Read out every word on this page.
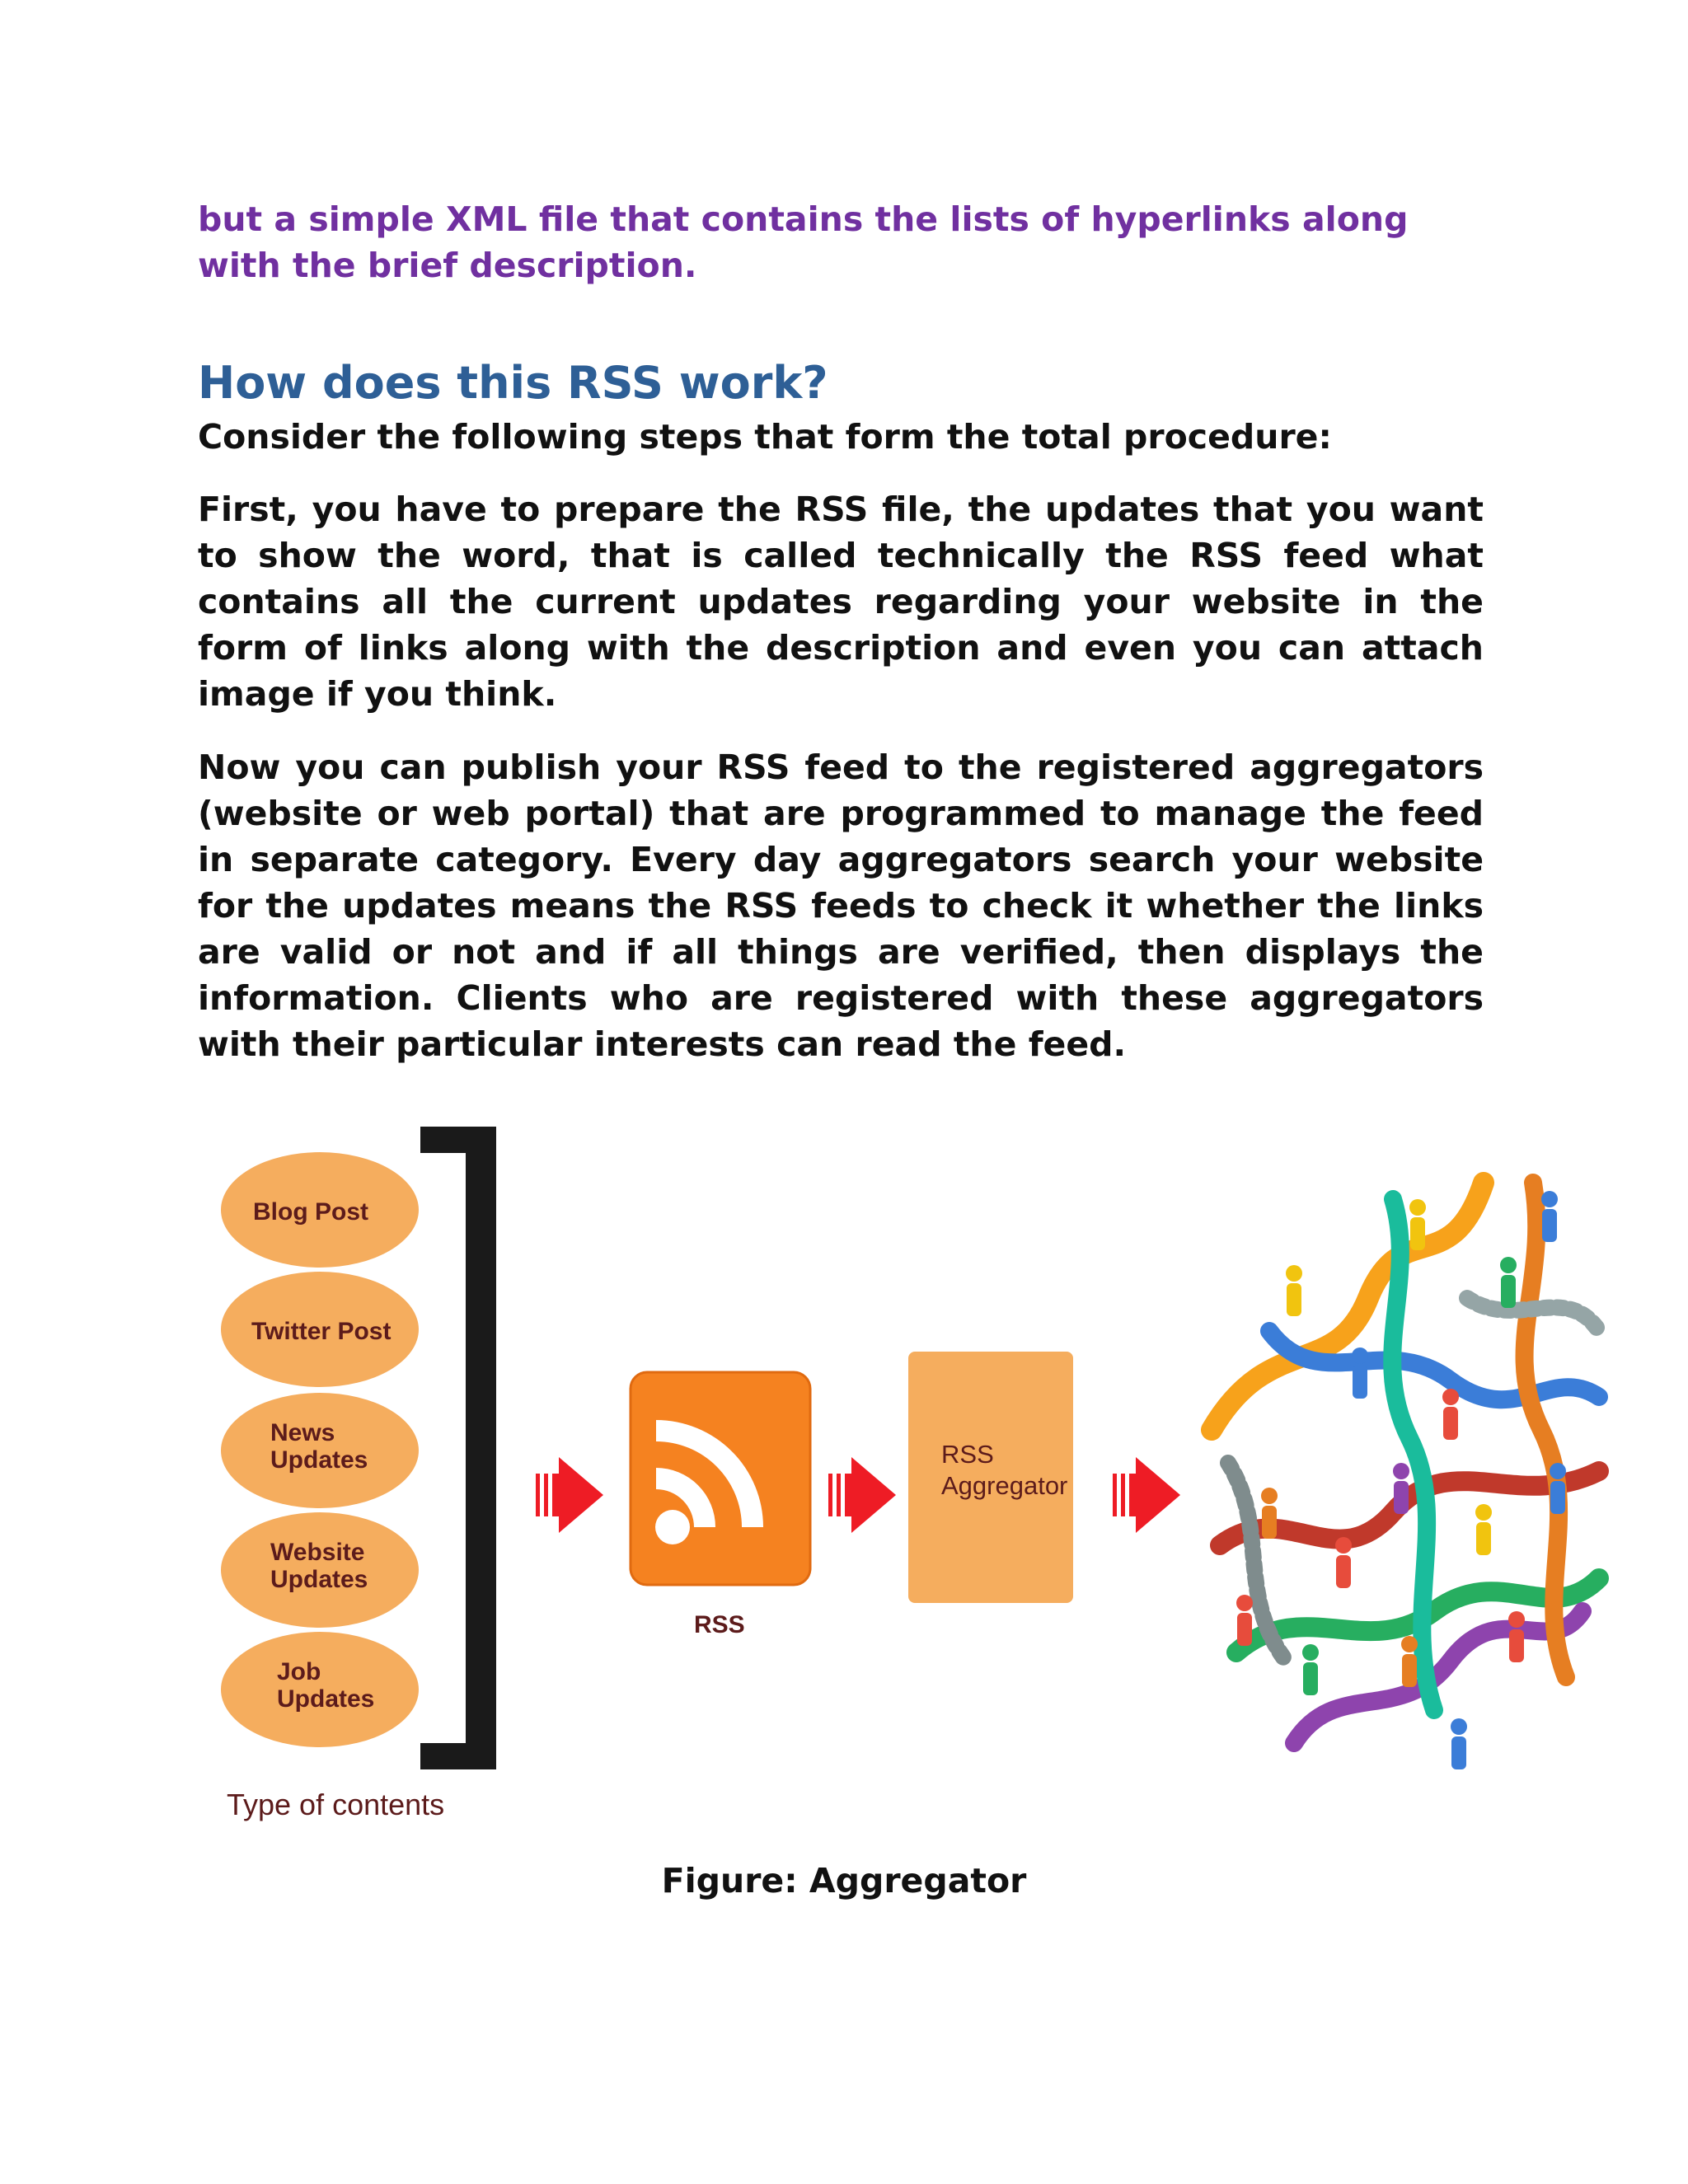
but a simple XML file that contains the lists of hyperlinks along with the brief description.

How does this RSS work?

Consider the following steps that form the total procedure:

First, you have to prepare the RSS file, the updates that you want to show the word, that is called technically the RSS feed what contains all the current updates regarding your website in the form of links along with the description and even you can attach image if you think.

Now you can publish your RSS feed to the registered aggregators (website or web portal) that are programmed to manage the feed in separate category. Every day aggregators search your website for the updates means the RSS feeds to check it whether the links are valid or not and if all things are verified, then displays the information. Clients who are registered with these aggregators with their particular interests can read the feed.

Blog Post
Twitter Post
News
Updates
Website
Updates
Job
Updates
Type of contents
RSS
RSS
Aggregator

Figure: Aggregator
